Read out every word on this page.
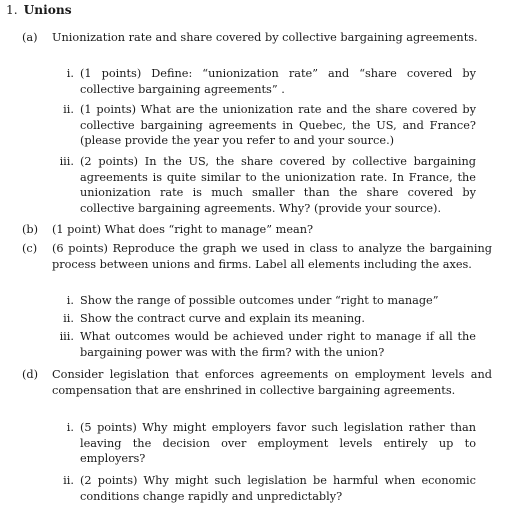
1. Unions
(a)	Unionization rate and share covered by collective bargaining agreements.
i. (1 points) Define: “unionization rate” and “share covered by collective bargaining agreements” .
ii. (1 points) What are the unionization rate and the share covered by collective bargaining agreements in Quebec, the US, and France? (please provide the year you refer to and your source.)
iii. (2 points) In the US, the share covered by collective bargaining agreements is quite similar to the unionization rate. In France, the unionization rate is much smaller than the share covered by collective bargaining agreements. Why? (provide your source).
(b)	(1 point) What does “right to manage” mean?
(c)	(6 points) Reproduce the graph we used in class to analyze the bargaining process between unions and firms. Label all elements including the axes.
i. Show the range of possible outcomes under “right to manage”
ii. Show the contract curve and explain its meaning.
iii. What outcomes would be achieved under right to manage if all the bargaining power was with the firm? with the union?
(d)	Consider legislation that enforces agreements on employment levels and compensation that are enshrined in collective bargaining agreements.
i. (5 points) Why might employers favor such legislation rather than leaving the decision over employment levels entirely up to employers?
ii. (2 points) Why might such legislation be harmful when economic conditions change rapidly and unpredictably?
